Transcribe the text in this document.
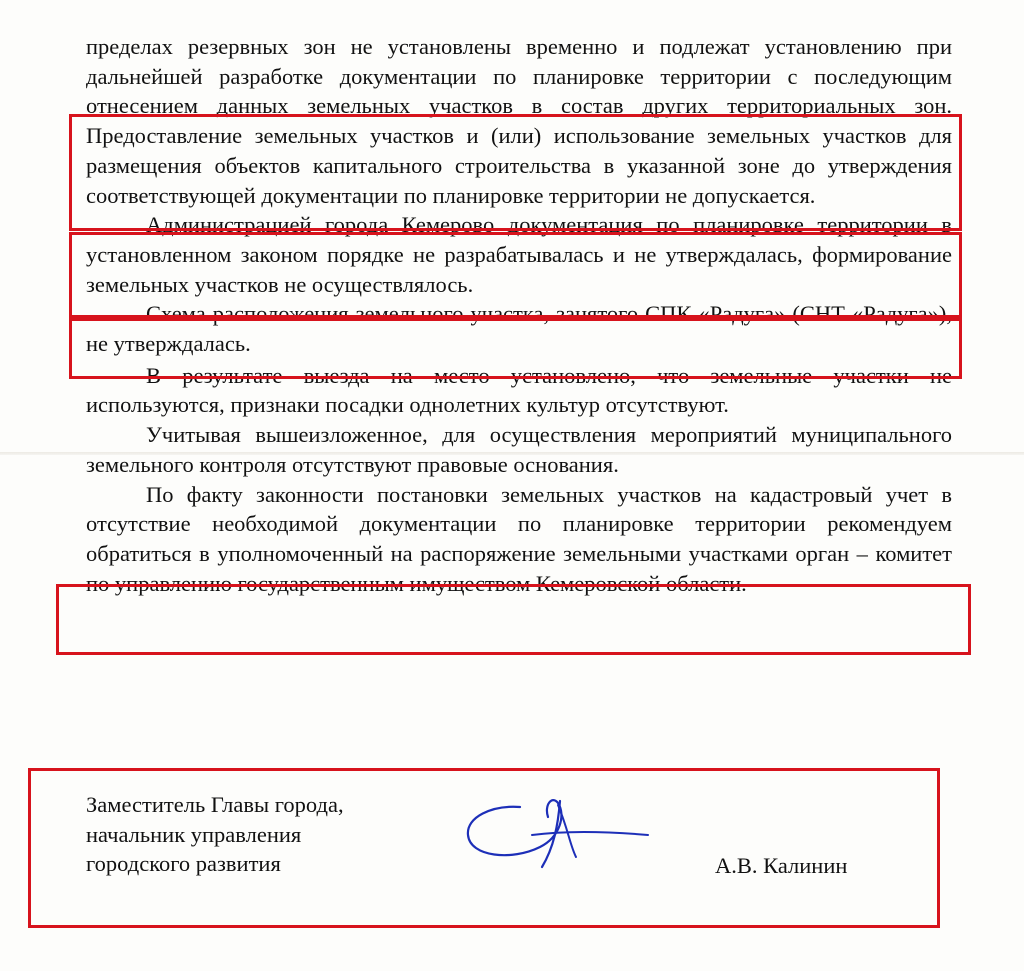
пределах резервных зон не установлены временно и подлежат установлению при дальнейшей разработке документации по планировке территории с последующим отнесением данных земельных участков в состав других территориальных зон. Предоставление земельных участков и (или) использование земельных участков для размещения объектов капитального строительства в указанной зоне до утверждения соответствующей документации по планировке территории не допускается.

Администрацией города Кемерово документация по планировке территории в установленном законом порядке не разрабатывалась и не утверждалась, формирование земельных участков не осуществлялось.

Схема расположения земельного участка, занятого СПК «Радуга» (СНТ «Радуга»), не утверждалась.

В результате выезда на место установлено, что земельные участки не используются, признаки посадки однолетних культур отсутствуют.

Учитывая вышеизложенное, для осуществления мероприятий муниципального земельного контроля отсутствуют правовые основания.

По факту законности постановки земельных участков на кадастровый учет в отсутствие необходимой документации по планировке территории рекомендуем обратиться в уполномоченный на распоряжение земельными участками орган – комитет по управлению государственным имуществом Кемеровской области.

Заместитель Главы города,
начальник управления
городского развития	А.В. Калинин
